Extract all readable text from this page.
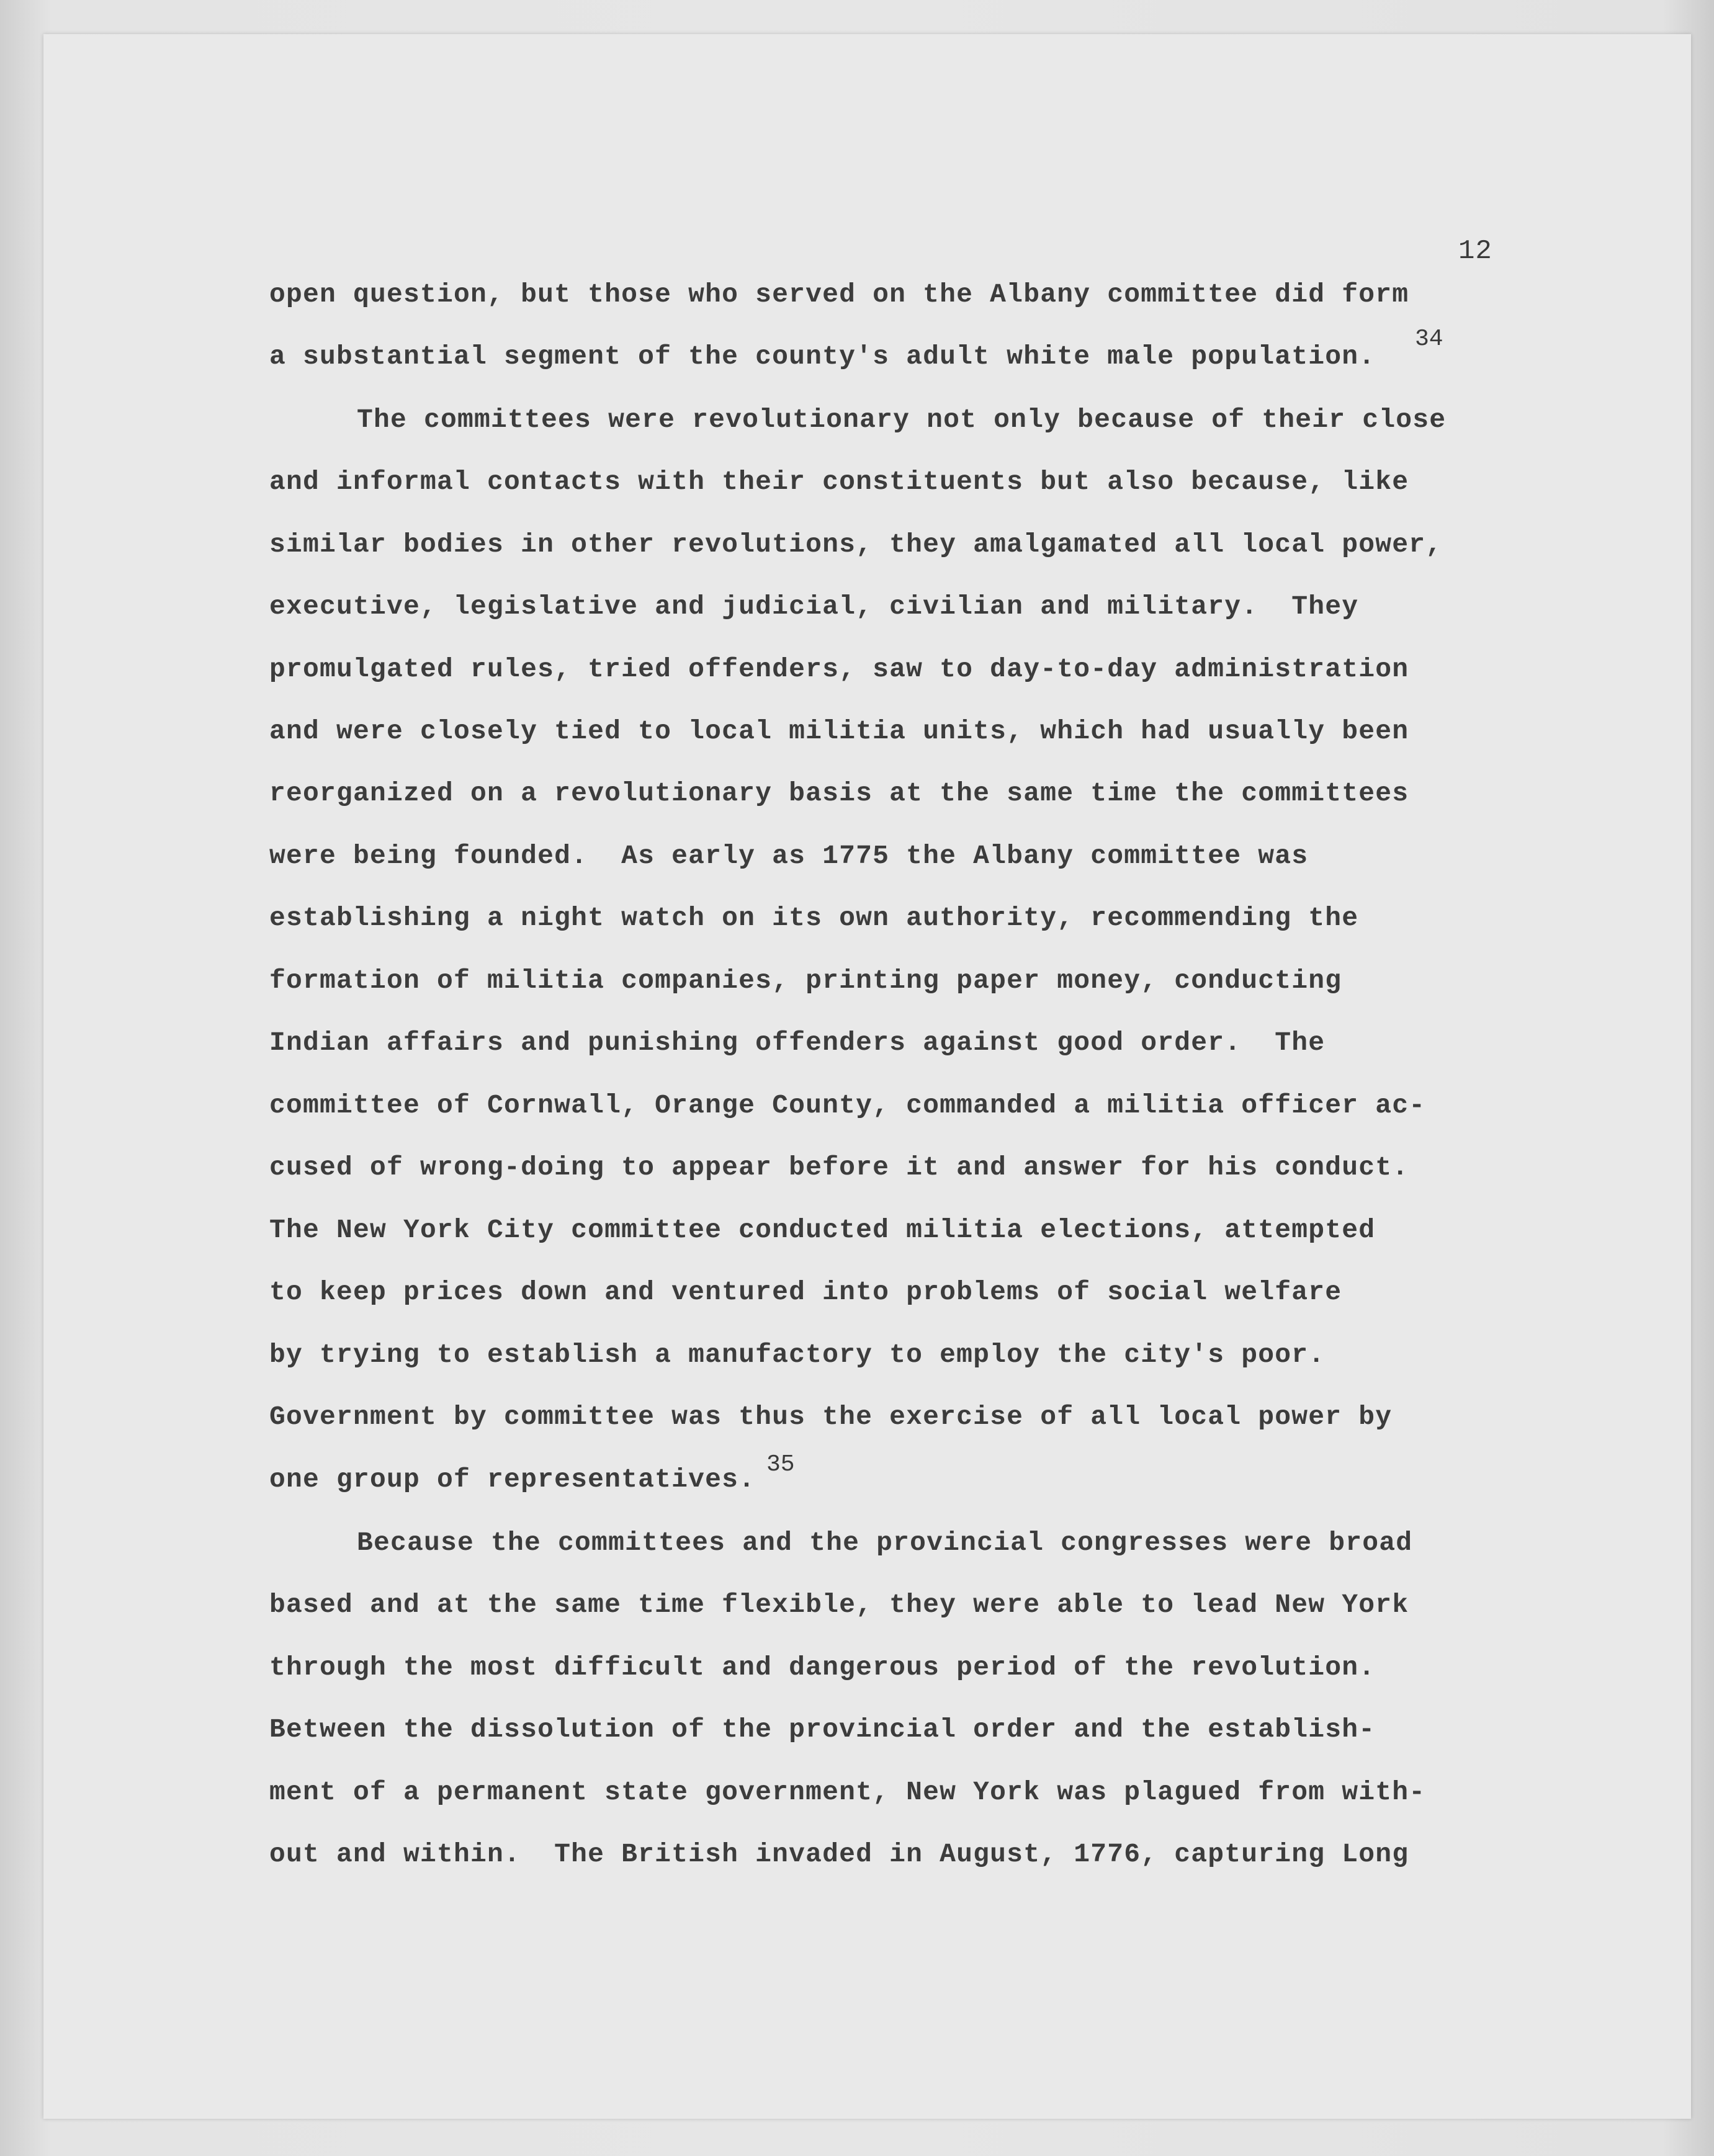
12

open question, but those who served on the Albany committee did form

a substantial segment of the county's adult white male population.

34

The committees were revolutionary not only because of their close

and informal contacts with their constituents but also because, like

similar bodies in other revolutions, they amalgamated all local power,

executive, legislative and judicial, civilian and military.  They

promulgated rules, tried offenders, saw to day-to-day administration

and were closely tied to local militia units, which had usually been

reorganized on a revolutionary basis at the same time the committees

were being founded.  As early as 1775 the Albany committee was

establishing a night watch on its own authority, recommending the

formation of militia companies, printing paper money, conducting

Indian affairs and punishing offenders against good order.  The

committee of Cornwall, Orange County, commanded a militia officer ac-

cused of wrong-doing to appear before it and answer for his conduct.

The New York City committee conducted militia elections, attempted

to keep prices down and ventured into problems of social welfare

by trying to establish a manufactory to employ the city's poor.

Government by committee was thus the exercise of all local power by

one group of representatives. 35

Because the committees and the provincial congresses were broad

based and at the same time flexible, they were able to lead New York

through the most difficult and dangerous period of the revolution.

Between the dissolution of the provincial order and the establish-

ment of a permanent state government, New York was plagued from with-

out and within.  The British invaded in August, 1776, capturing Long
